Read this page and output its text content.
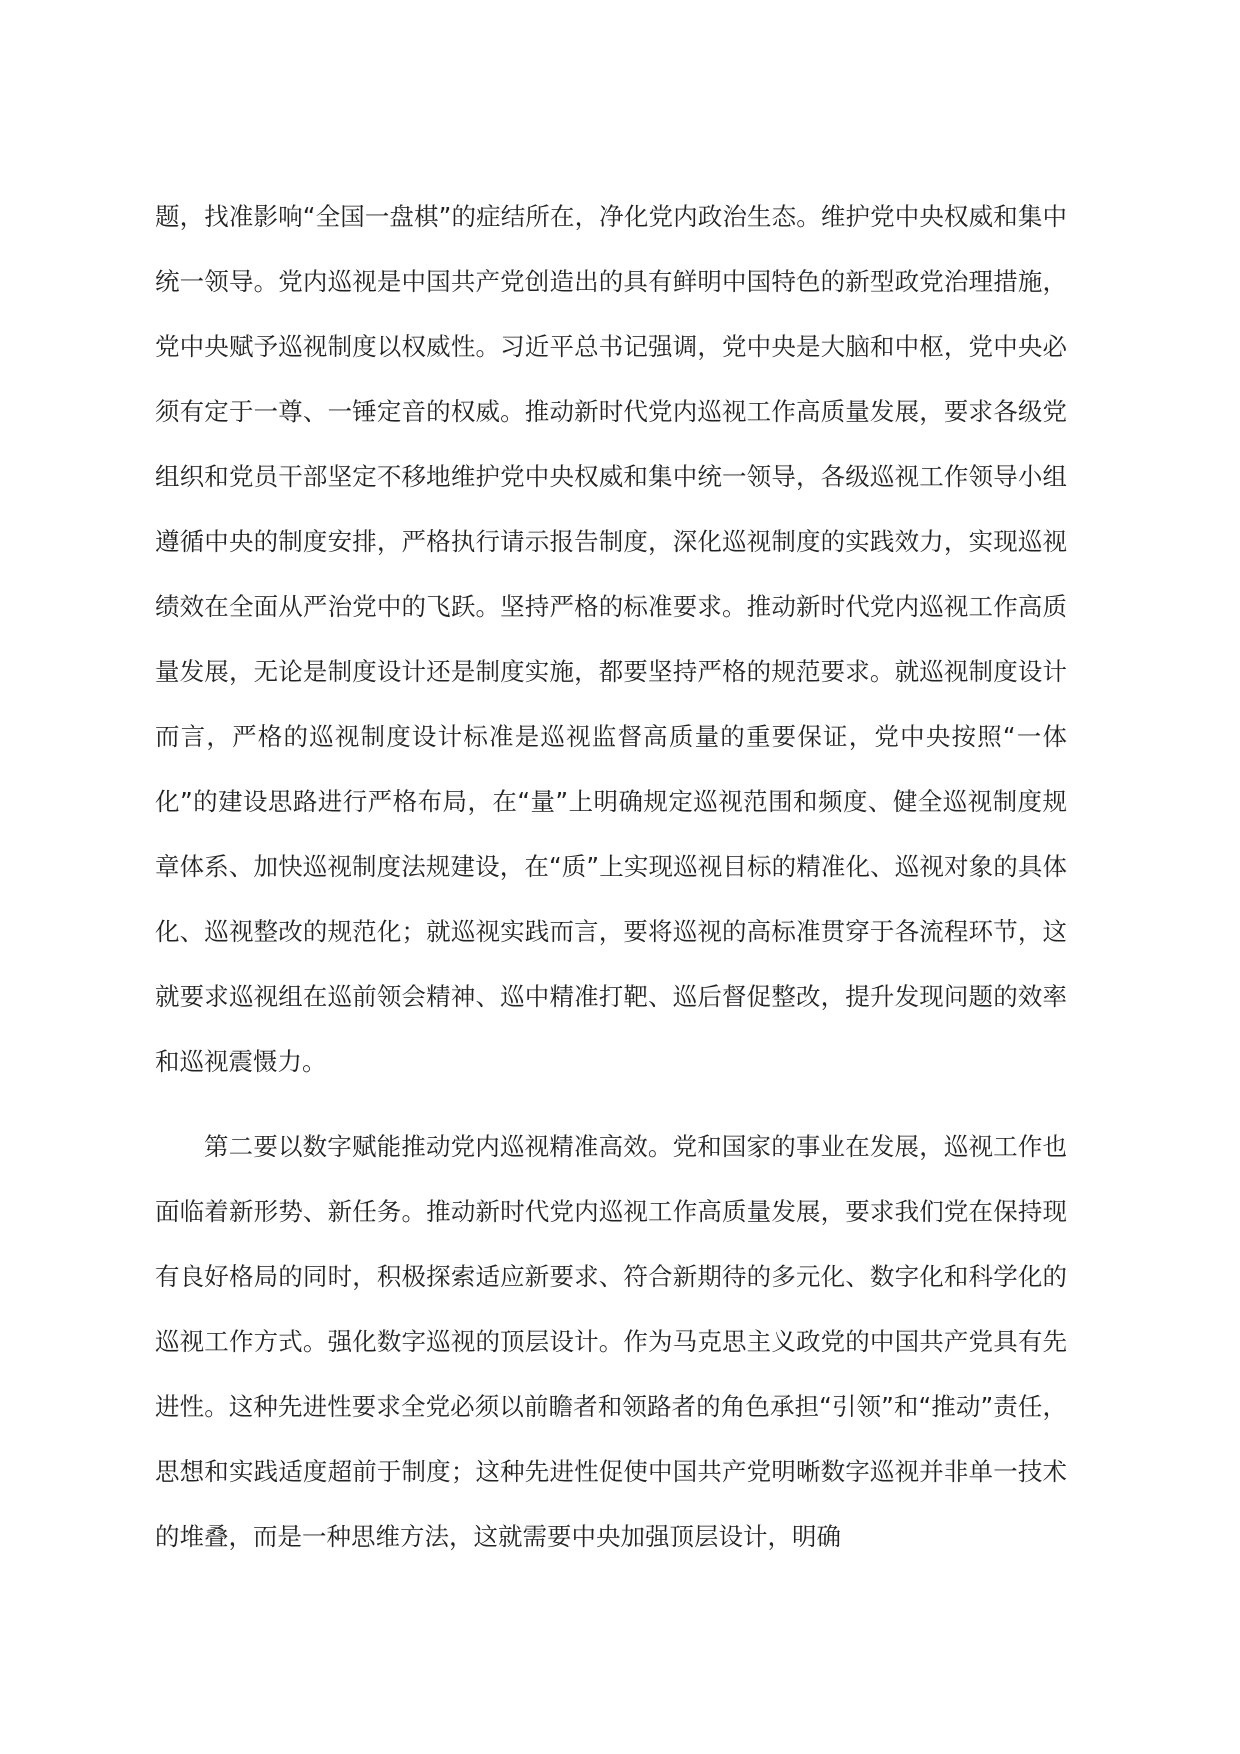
题，找准影响“全国一盘棋”的症结所在，净化党内政治生态。维护党中央权威和集中统一领导。党内巡视是中国共产党创造出的具有鲜明中国特色的新型政党治理措施，党中央赋予巡视制度以权威性。习近平总书记强调，党中央是大脑和中枢，党中央必须有定于一尊、一锤定音的权威。推动新时代党内巡视工作高质量发展，要求各级党组织和党员干部坚定不移地维护党中央权威和集中统一领导，各级巡视工作领导小组遵循中央的制度安排，严格执行请示报告制度，深化巡视制度的实践效力，实现巡视绩效在全面从严治党中的飞跃。坚持严格的标准要求。推动新时代党内巡视工作高质量发展，无论是制度设计还是制度实施，都要坚持严格的规范要求。就巡视制度设计而言，严格的巡视制度设计标准是巡视监督高质量的重要保证，党中央按照“一体化”的建设思路进行严格布局，在“量”上明确规定巡视范围和频度、健全巡视制度规章体系、加快巡视制度法规建设，在“质”上实现巡视目标的精准化、巡视对象的具体化、巡视整改的规范化；就巡视实践而言，要将巡视的高标准贯穿于各流程环节，这就要求巡视组在巡前领会精神、巡中精准打靶、巡后督促整改，提升发现问题的效率和巡视震慑力。

第二要以数字赋能推动党内巡视精准高效。党和国家的事业在发展，巡视工作也面临着新形势、新任务。推动新时代党内巡视工作高质量发展，要求我们党在保持现有良好格局的同时，积极探索适应新要求、符合新期待的多元化、数字化和科学化的巡视工作方式。强化数字巡视的顶层设计。作为马克思主义政党的中国共产党具有先进性。这种先进性要求全党必须以前瞻者和领路者的角色承担“引领”和“推动”责任，思想和实践适度超前于制度；这种先进性促使中国共产党明晰数字巡视并非单一技术的堆叠，而是一种思维方法，这就需要中央加强顶层设计，明确
